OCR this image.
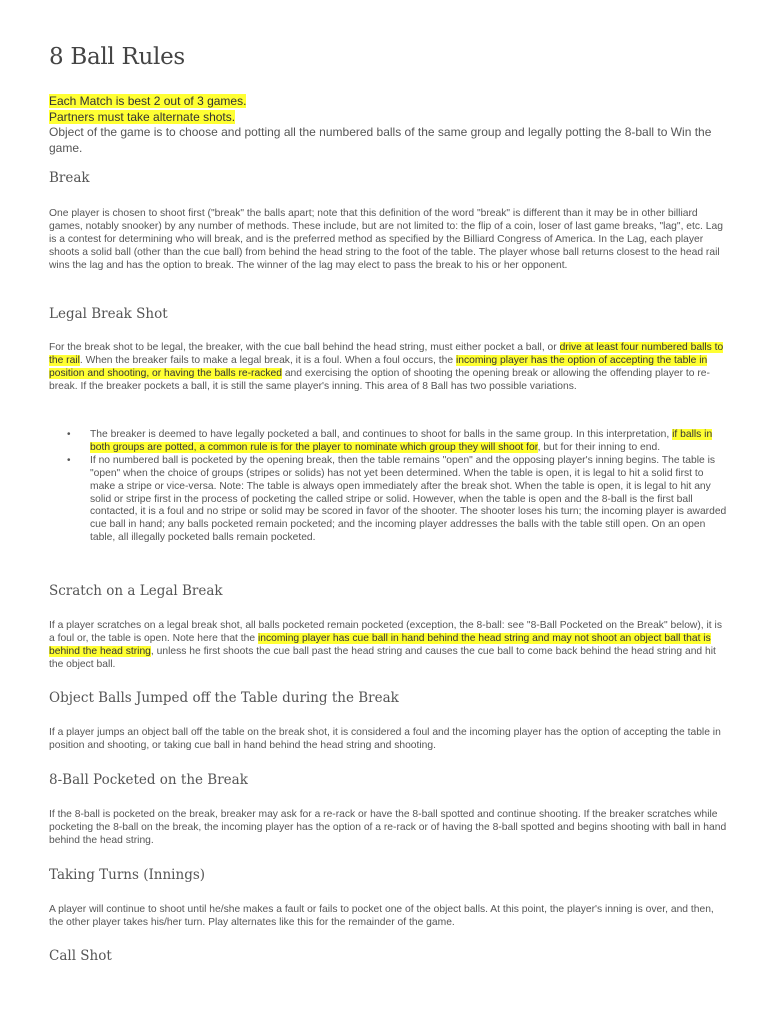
8 Ball Rules
Each Match is best 2 out of 3 games.
Partners must take alternate shots.
Object of the game is to choose and potting all the numbered balls of the same group and legally potting the 8-ball to Win the game.
Break

One player is chosen to shoot first ("break" the balls apart; note that this definition of the word "break" is different than it may be in other billiard games, notably snooker) by any number of methods. These include, but are not limited to: the flip of a coin, loser of last game breaks, "lag", etc. Lag is a contest for determining who will break, and is the preferred method as specified by the Billiard Congress of America. In the Lag, each player shoots a solid ball (other than the cue ball) from behind the head string to the foot of the table. The player whose ball returns closest to the head rail wins the lag and has the option to break. The winner of the lag may elect to pass the break to his or her opponent.

Legal Break Shot

For the break shot to be legal, the breaker, with the cue ball behind the head string, must either pocket a ball, or drive at least four numbered balls to the rail. When the breaker fails to make a legal break, it is a foul. When a foul occurs, the incoming player has the option of accepting the table in position and shooting, or having the balls re-racked and exercising the option of shooting the opening break or allowing the offending player to re-break. If the breaker pockets a ball, it is still the same player's inning. This area of 8 Ball has two possible variations.

• The breaker is deemed to have legally pocketed a ball, and continues to shoot for balls in the same group. In this interpretation, if balls in both groups are potted, a common rule is for the player to nominate which group they will shoot for, but for their inning to end.
• If no numbered ball is pocketed by the opening break, then the table remains "open" and the opposing player's inning begins. The table is "open" when the choice of groups (stripes or solids) has not yet been determined. When the table is open, it is legal to hit a solid first to make a stripe or vice-versa. Note: The table is always open immediately after the break shot. When the table is open, it is legal to hit any solid or stripe first in the process of pocketing the called stripe or solid. However, when the table is open and the 8-ball is the first ball contacted, it is a foul and no stripe or solid may be scored in favor of the shooter. The shooter loses his turn; the incoming player is awarded cue ball in hand; any balls pocketed remain pocketed; and the incoming player addresses the balls with the table still open. On an open table, all illegally pocketed balls remain pocketed.
Scratch on a Legal Break

If a player scratches on a legal break shot, all balls pocketed remain pocketed (exception, the 8-ball: see "8-Ball Pocketed on the Break" below), it is a foul or, the table is open. Note here that the incoming player has cue ball in hand behind the head string and may not shoot an object ball that is behind the head string, unless he first shoots the cue ball past the head string and causes the cue ball to come back behind the head string and hit the object ball.

Object Balls Jumped off the Table during the Break

If a player jumps an object ball off the table on the break shot, it is considered a foul and the incoming player has the option of accepting the table in position and shooting, or taking cue ball in hand behind the head string and shooting.

8-Ball Pocketed on the Break

If the 8-ball is pocketed on the break, breaker may ask for a re-rack or have the 8-ball spotted and continue shooting. If the breaker scratches while pocketing the 8-ball on the break, the incoming player has the option of a re-rack or of having the 8-ball spotted and begins shooting with ball in hand behind the head string.

Taking Turns (Innings)

A player will continue to shoot until he/she makes a fault or fails to pocket one of the object balls. At this point, the player's inning is over, and then, the other player takes his/her turn. Play alternates like this for the remainder of the game.

Call Shot
